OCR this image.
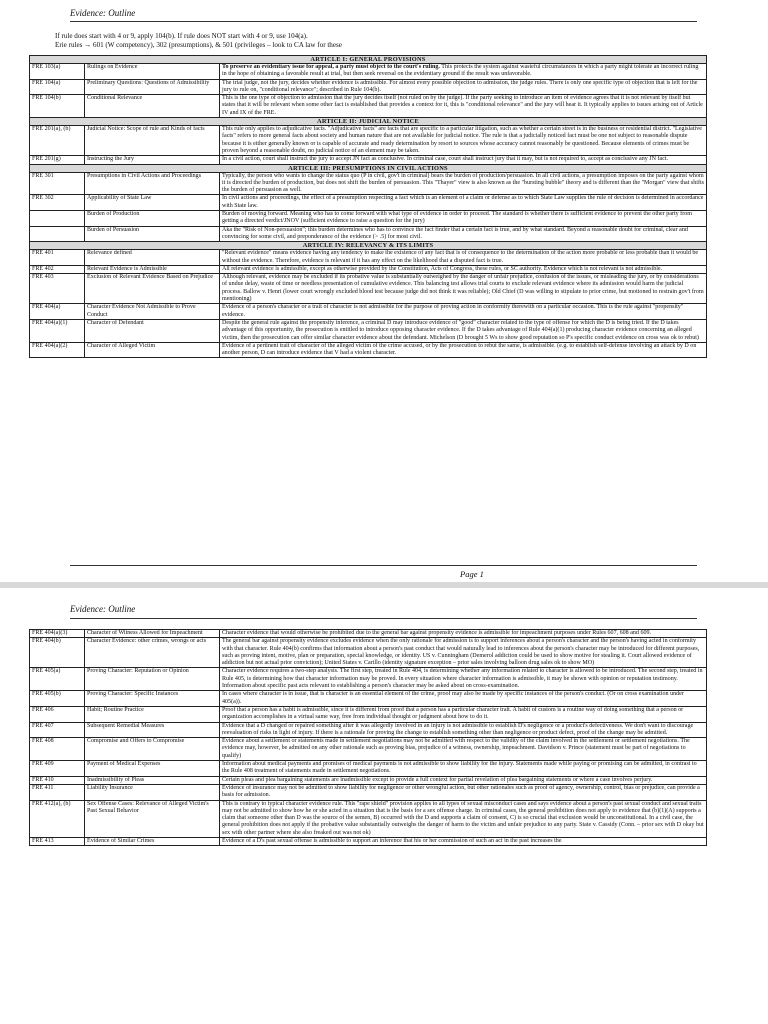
Evidence: Outline
If rule does start with 4 or 9, apply 104(b). If rule does NOT start with 4 or 9, use 104(a).
Erie rules → 601 (W competency), 302 (presumptions), & 501 (privileges – look to CA law for these
ARTICLE I: GENERAL PROVISIONS		
FRE 103(a)	Rulings on Evidence	To preserve an evidentiary issue for appeal, a party must object to the court's ruling. This protects the system against wasteful circumstances in which a party might tolerate an incorrect ruling in the hope of obtaining a favorable result at trial, but then seek reversal on the evidentiary ground if the result was unfavorable.
FRE 104(a)	Preliminary Questions: Questions of Admissibility	The trial judge, not the jury, decides whether evidence is admissible. For almost every possible objection to admission, the judge rules. There is only one specific type of objection that is left for the jury to rule on, "conditional relevance"; described in Rule 104(b).
FRE 104(b)	Conditional Relevance	This is the one type of objection to admission that the jury decides itself (not ruled on by the judge). If the party seeking to introduce an item of evidence agrees that it is not relevant by itself but states that it will be relevant when some other fact is established that provides a context for it, this is "conditional relevance" and the jury will hear it. It typically applies to issues arising out of Article IV and IX of the FRE.
ARTICLE II: JUDICIAL NOTICE		
FRE 201(a), (b)	Judicial Notice: Scope of rule and Kinds of facts	This rule only applies to adjudicative facts. "Adjudicative facts" are facts that are specific to a particular litigation, such as whether a certain street is in the business or residential district. "Legislative facts" refers to more general facts about society and human nature that are not available for judicial notice. The rule is that a judicially noticed fact must be one not subject to reasonable dispute because it is either generally known or is capable of accurate and ready determination by resort to sources whose accuracy cannot reasonably be questioned. Because elements of crimes must be proven beyond a reasonable doubt, no judicial notice of an element may be taken.
FRE 201(g)	Instructing the Jury	In a civil action, court shall instruct the jury to accept JN fact as conclusive. In criminal case, court shall instruct jury that it may, but is not required to, accept as conclusive any JN fact.
ARTICLE III: PRESUMPTIONS IN CIVIL ACTIONS		
FRE 301	Presumptions in Civil Actions and Proceedings	Typically, the person who wants to change the status quo (P in civil, gov't in criminal) bears the burden of production/persuasion. In all civil actions, a presumption imposes on the party against whom it is directed the burden of production, but does not shift the burden of persuasion. This "Thayer" view is also known as the "bursting bubble" theory and is different than the "Morgan" view that shifts the burden of persuasion as well.
FRE 302	Applicability of State Law	In civil actions and proceedings, the effect of a presumption respecting a fact which is an element of a claim or defense as to which State Law supplies the rule of decision is determined in accordance with State law.
	Burden of Production	Burden of moving forward. Meaning who has to come forward with what type of evidence in order to proceed. The standard is whether there is sufficient evidence to prevent the other party from getting a directed verdict/JNOV (sufficient evidence to raise a question for the jury)
	Burden of Persuasion	Aka the "Risk of Non-persuasion"; this burden determines who has to convince the fact finder that a certain fact is true, and by what standard. Beyond a reasonable doubt for criminal, clear and convincing for some civil, and preponderance of the evidence (> .5) for most civil.
ARTICLE IV: RELEVANCY & ITS LIMITS		
FRE 401	Relevance defined	"Relevant evidence" means evidence having any tendency to make the existence of any fact that is of consequence to the determination of the action more probable or less probable than it would be without the evidence. Therefore, evidence is relevant if it has any effect on the likelihood that a disputed fact is true.
FRE 402	Relevant Evidence is Admissible	All relevant evidence is admissible, except as otherwise provided by the Constitution, Acts of Congress, these rules, or SC authority. Evidence which is not relevant is not admissible.
FRE 403	Exclusion of Relevant Evidence Based on Prejudice	Although relevant, evidence may be excluded if its probative value is substantially outweighed by the danger of unfair prejudice, confusion of the issues, or misleading the jury, or by considerations of undue delay, waste of time or needless presentation of cumulative evidence. This balancing test allows trial courts to exclude relevant evidence where its admission would harm the judicial process. Ballow v. Henri (lower court wrongly excluded blood test because judge did not think it was reliable); Old Chief (D was willing to stipulate to prior crime, but motioned to restrain gov't from mentioning)
FRE 404(a)	Character Evidence Not Admissible to Prove Conduct	Evidence of a person's character or a trait of character is not admissible for the purpose of proving action in conformity therewith on a particular occasion. This is the rule against "propensity" evidence.
FRE 404(a)(1)	Character of Defendant	Despite the general rule against the propensity inference, a criminal D may introduce evidence of "good" character related to the type of offense for which the D is being tried. If the D takes advantage of this opportunity, the prosecution is entitled to introduce opposing character evidence. If the D takes advantage of Rule 404(a)(1) producing character evidence concerning an alleged victim, then the prosecution can offer similar character evidence about the defendant. Michelson (D brought 5 Ws to show good reputation so P's specific conduct evidence on cross was ok to rebut)
FRE 404(a)(2)	Character of Alleged Victim	Evidence of a pertinent trait of character of the alleged victim of the crime accused, or by the prosecution to rebut the same, is admissible. (e.g. to establish self-defense involving an attack by D on another person, D can introduce evidence that V had a violent character.
Page 1
Evidence: Outline
FRE 404(a)(3)	Character of Witness Allowed for Impeachment	Character evidence that would otherwise be prohibited due to the general bar against propensity evidence is admissible for impeachment purposes under Rules 607, 608 and 609.
FRE 404(b)	Character Evidence: other crimes, wrongs or acts	The general bar against propensity evidence excludes evidence when the only rationale for admission is to support inferences about a person's character and the person's having acted in conformity with that character. Rule 404(b) confirms that information about a person's past conduct that would naturally lead to inferences about the person's character may be introduced for different purposes, such as proving intent, motive, plan or preparation, special knowledge, or identity. US v. Cunningham (Demerol addiction could be used to show motive for stealing it. Court allowed evidence of addiction but not actual prior conviction); United States v. Carillo (identity signature exception – prior sales involving balloon drug sales ok to show MO)
FRE 405(a)	Proving Character: Reputation or Opinion	Character evidence requires a two-step analysis. The first step, treated in Rule 404, is determining whether any information related to character is allowed to be introduced. The second step, treated in Rule 405, is determining how that character information may be proved. In every situation where character information is admissible, it may be shown with opinion or reputation testimony. Information about specific past acts relevant to establishing a person's character may be asked about on cross-examination.
FRE 405(b)	Proving Character: Specific Instances	In cases where character is in issue, that is character is an essential element of the crime, proof may also be made by specific instances of the person's conduct. (Or on cross examination under 405(a)).
FRE 406	Habit; Routine Practice	Proof that a person has a habit is admissible, since it is different from proof that a person has a particular character trait. A habit of custom is a routine way of doing something that a person or organization accomplishes in a virtual same way, free from individual thought or judgment about how to do it.
FRE 407	Subsequent Remedial Measures	Evidence that a D changed or repaired something after it was allegedly involved in an injury is not admissible to establish D's negligence or a product's defectiveness. We don't want to discourage reevaluation of risks in light of injury. If there is a rationale for proving the change to establish something other than negligence or product defect, proof of the change may be admitted.
FRE 408	Compromise and Offers to Compromise	Evidence about a settlement or statements made in settlement negotiations may not be admitted with respect to the validity of the claim involved in the settlement or settlement negotiations. The evidence may, however, be admitted on any other rationale such as proving bias, prejudice of a witness, ownership, impeachment. Davidson v. Prince (statement must be part of negotiations to qualify)
FRE 409	Payment of Medical Expenses	Information about medical payments and promises of medical payments is not admissible to show liability for the injury. Statements made while paying or promising can be admitted, in contrast to the Rule 408 treatment of statements made in settlement negotiations.
FRE 410	Inadmissibility of Pleas	Certain pleas and plea bargaining statements are inadmissible except to provide a full context for partial revelation of plea bargaining statements or where a case involves perjury.
FRE 411	Liability Insurance	Evidence of insurance may not be admitted to show liability for negligence or other wrongful action, but other rationales such as proof of agency, ownership, control, bias or prejudice, can provide a basis for admission.
FRE 412(a), (b)	Sex Offense Cases: Relevance of Alleged Victim's Past Sexual Behavior	This is contrary to typical character evidence rule. This "rape shield" provision applies to all types of sexual misconduct cases and says evidence about a person's past sexual conduct and sexual traits may not be admitted to show how he or she acted in a situation that is the basis for a sex offense charge. In criminal cases, the general prohibition does not apply to evidence that (b)(1)(A) supports a claim that someone other than D was the source of the semen, B) occurred with the D and supports a claim of consent, C) is so crucial that exclusion would be unconstitutional. In a civil case, the general prohibition does not apply if the probative value substantially outweighs the danger of harm to the victim and unfair prejudice to any party. State v. Cassidy (Conn. – prior sex with D okay but sex with other partner where she also freaked out was not ok)
FRE 413	Evidence of Similar Crimes	Evidence of a D's past sexual offense is admissible to support an inference that his or her commission of such an act in the past increases the
